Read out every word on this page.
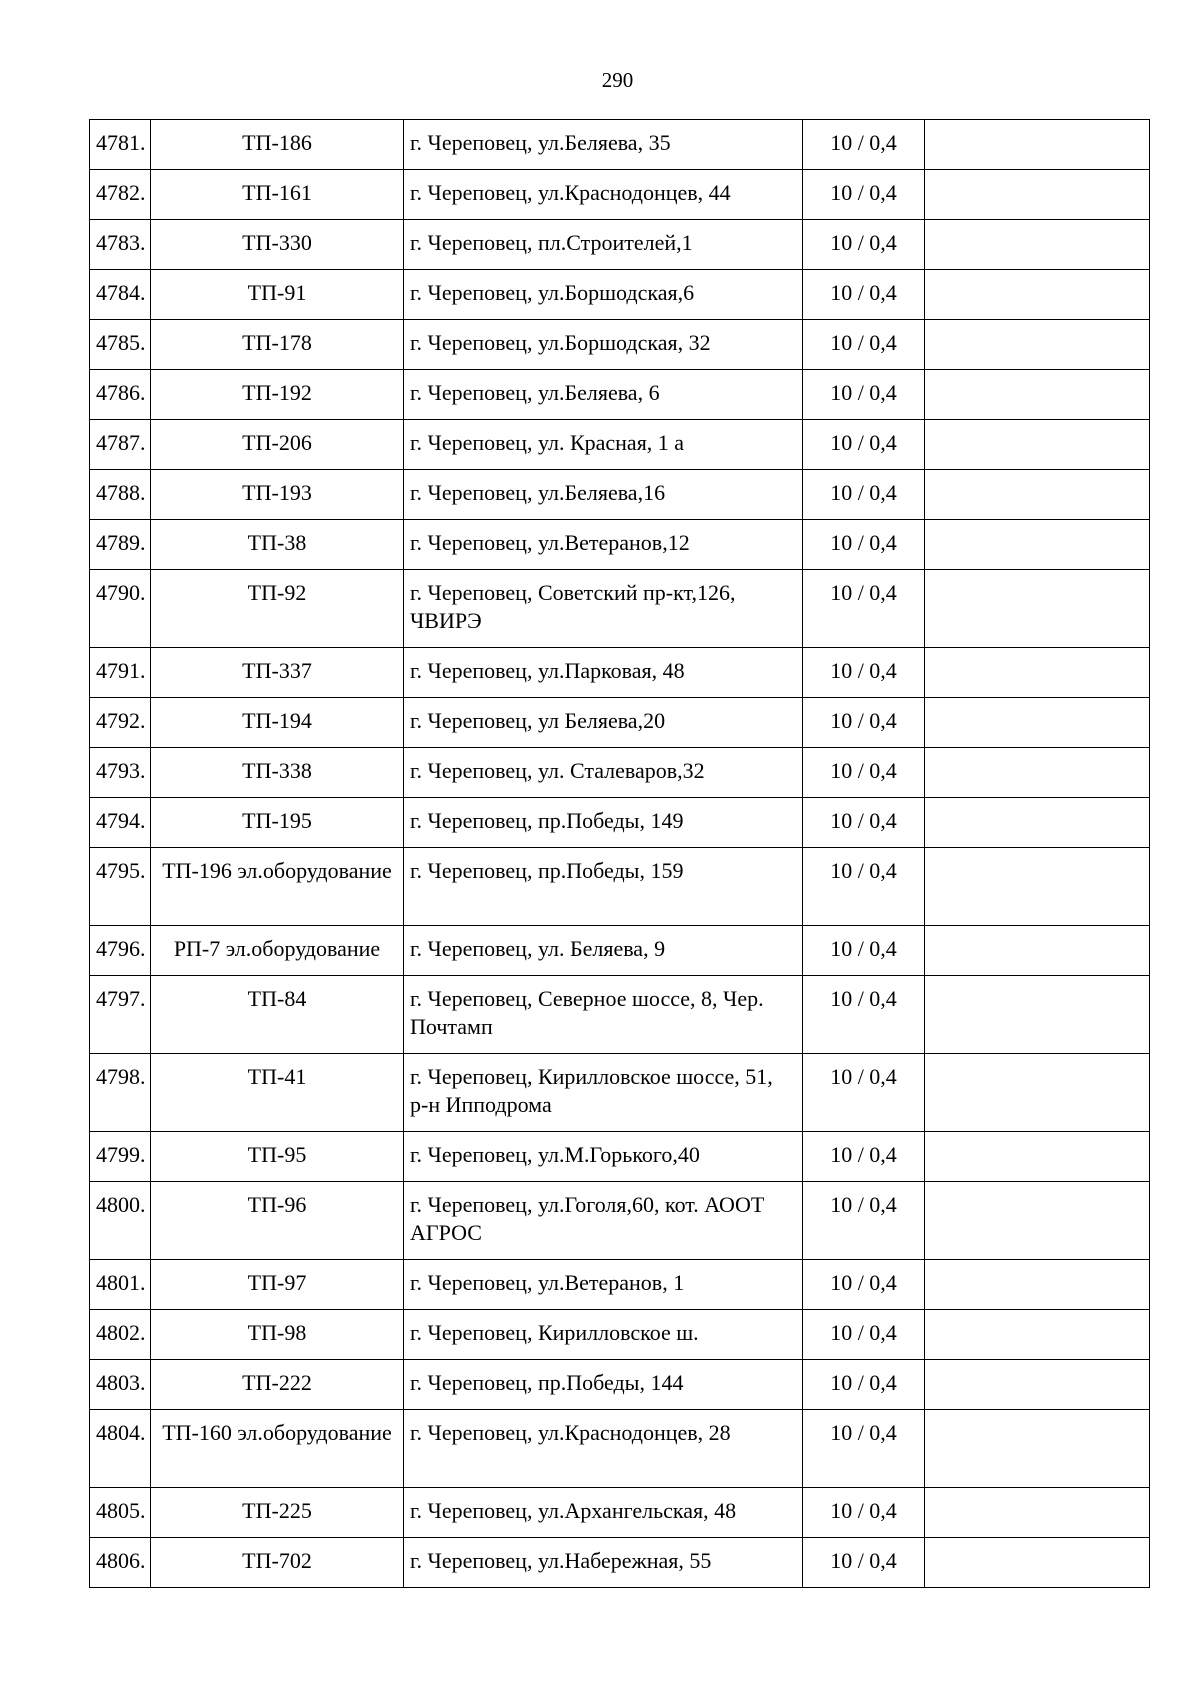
290
4781.	ТП-186	г. Череповец, ул.Беляева, 35	10 / 0,4	
4782.	ТП-161	г. Череповец, ул.Краснодонцев, 44	10 / 0,4	
4783.	ТП-330	г. Череповец, пл.Строителей,1	10 / 0,4	
4784.	ТП-91	г. Череповец, ул.Боршодская,6	10 / 0,4	
4785.	ТП-178	г. Череповец, ул.Боршодская, 32	10 / 0,4	
4786.	ТП-192	г. Череповец, ул.Беляева, 6	10 / 0,4	
4787.	ТП-206	г. Череповец, ул. Красная, 1 а	10 / 0,4	
4788.	ТП-193	г. Череповец, ул.Беляева,16	10 / 0,4	
4789.	ТП-38	г. Череповец, ул.Ветеранов,12	10 / 0,4	
4790.	ТП-92	г. Череповец, Советский пр-кт,126, ЧВИРЭ	10 / 0,4	
4791.	ТП-337	г. Череповец, ул.Парковая, 48	10 / 0,4	
4792.	ТП-194	г. Череповец, ул Беляева,20	10 / 0,4	
4793.	ТП-338	г. Череповец, ул. Сталеваров,32	10 / 0,4	
4794.	ТП-195	г. Череповец, пр.Победы, 149	10 / 0,4	
4795.	ТП-196 эл.оборудование	г. Череповец, пр.Победы, 159	10 / 0,4	
4796.	РП-7 эл.оборудование	г. Череповец, ул. Беляева, 9	10 / 0,4	
4797.	ТП-84	г. Череповец, Северное шоссе, 8, Чер. Почтамп	10 / 0,4	
4798.	ТП-41	г. Череповец, Кирилловское шоссе, 51, р-н Ипподрома	10 / 0,4	
4799.	ТП-95	г. Череповец, ул.М.Горького,40	10 / 0,4	
4800.	ТП-96	г. Череповец, ул.Гоголя,60, кот. АООТ АГРОС	10 / 0,4	
4801.	ТП-97	г. Череповец, ул.Ветеранов, 1	10 / 0,4	
4802.	ТП-98	г. Череповец, Кирилловское ш.	10 / 0,4	
4803.	ТП-222	г. Череповец, пр.Победы, 144	10 / 0,4	
4804.	ТП-160 эл.оборудование	г. Череповец, ул.Краснодонцев, 28	10 / 0,4	
4805.	ТП-225	г. Череповец, ул.Архангельская, 48	10 / 0,4	
4806.	ТП-702	г. Череповец, ул.Набережная, 55	10 / 0,4	
